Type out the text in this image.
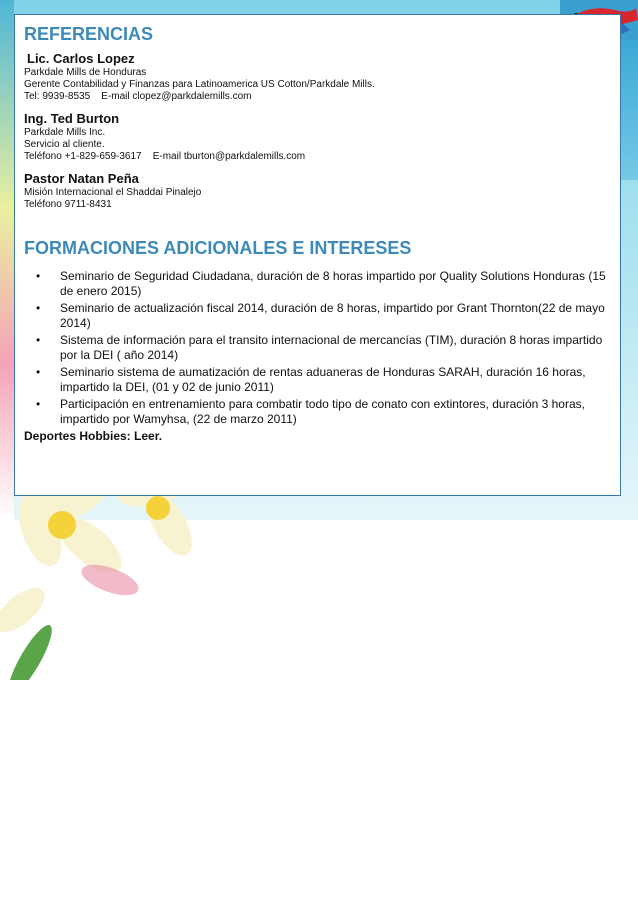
REFERENCIAS
Lic. Carlos Lopez
Parkdale Mills de Honduras
Gerente Contabilidad y Finanzas para Latinoamerica US Cotton/Parkdale Mills.
Tel: 9939-8535    E-mail clopez@parkdalemills.com
Ing. Ted Burton
Parkdale Mills Inc.
Servicio al cliente.
Teléfono +1-829-659-3617    E-mail tburton@parkdalemills.com
Pastor Natan Peña
Misión Internacional el Shaddai Pinalejo
Teléfono 9711-8431
FORMACIONES ADICIONALES E INTERESES
• Seminario de Seguridad Ciudadana, duración de 8 horas impartido por Quality Solutions Honduras (15 de enero 2015)
• Seminario de actualización fiscal 2014, duración de 8 horas, impartido por Grant Thornton(22 de mayo 2014)
• Sistema de información para el transito internacional de mercancías (TIM), duración 8 horas impartido por la DEI ( año 2014)
• Seminario sistema de aumatización de rentas aduaneras de Honduras SARAH, duración 16 horas, impartido la DEI, (01 y 02 de junio 2011)
• Participación en entrenamiento para combatir todo tipo de conato con extintores, duración 3 horas, impartido por Wamyhsa, (22 de marzo 2011)
Deportes Hobbies: Leer.
